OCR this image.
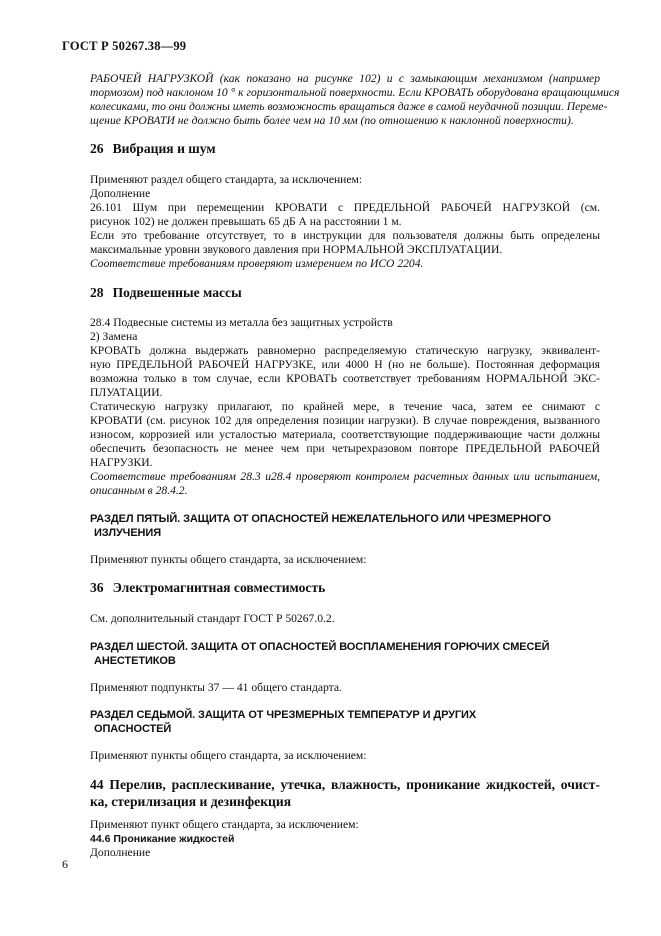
ГОСТ Р 50267.38—99
РАБОЧЕЙ НАГРУЗКОЙ (как показано на рисунке 102) и с замыкающим механизмом (например
тормозом) под наклоном 10 ° к горизонтальной поверхности. Если КРОВАТЬ оборудована вращающимися
колесиками, то они должны иметь возможность вращаться даже в самой неудачной позиции. Переме-
щение КРОВАТИ не должно быть более чем на 10 мм (по отношению к наклонной поверхности).
26 Вибрация и шум
Применяют раздел общего стандарта, за исключением:
Дополнение
26.101 Шум при перемещении КРОВАТИ с ПРЕДЕЛЬНОЙ РАБОЧЕЙ НАГРУЗКОЙ (см.
рисунок 102) не должен превышать 65 дБ А на расстоянии 1 м.
Если это требование отсутствует, то в инструкции для пользователя должны быть определены
максимальные уровни звукового давления при НОРМАЛЬНОЙ ЭКСПЛУАТАЦИИ.
Соответствие требованиям проверяют измерением по ИСО 2204.
28 Подвешенные массы
28.4 Подвесные системы из металла без защитных устройств
2) Замена
КРОВАТЬ должна выдержать равномерно распределяемую статическую нагрузку, эквивалент-
ную ПРЕДЕЛЬНОЙ РАБОЧЕЙ НАГРУЗКЕ, или 4000 Н (но не больше). Постоянная деформация
возможна только в том случае, если КРОВАТЬ соответствует требованиям НОРМАЛЬНОЙ ЭКС-
ПЛУАТАЦИИ.
Статическую нагрузку прилагают, по крайней мере, в течение часа, затем ее снимают с
КРОВАТИ (см. рисунок 102 для определения позиции нагрузки). В случае повреждения, вызванного
износом, коррозией или усталостью материала, соответствующие поддерживающие части должны
обеспечить безопасность не менее чем при четырехразовом повторе ПРЕДЕЛЬНОЙ РАБОЧЕЙ
НАГРУЗКИ.
Соответствие требованиям 28.3 и28.4 проверяют контролем расчетных данных или испытанием,
описанным в 28.4.2.
РАЗДЕЛ ПЯТЫЙ. ЗАЩИТА ОТ ОПАСНОСТЕЙ НЕЖЕЛАТЕЛЬНОГО ИЛИ ЧРЕЗМЕРНОГО
ИЗЛУЧЕНИЯ
Применяют пункты общего стандарта, за исключением:
36 Электромагнитная совместимость
См. дополнительный стандарт ГОСТ Р 50267.0.2.
РАЗДЕЛ ШЕСТОЙ. ЗАЩИТА ОТ ОПАСНОСТЕЙ ВОСПЛАМЕНЕНИЯ ГОРЮЧИХ СМЕСЕЙ
АНЕСТЕТИКОВ
Применяют подпункты 37 — 41 общего стандарта.
РАЗДЕЛ СЕДЬМОЙ. ЗАЩИТА ОТ ЧРЕЗМЕРНЫХ ТЕМПЕРАТУР И ДРУГИХ
ОПАСНОСТЕЙ
Применяют пункты общего стандарта, за исключением:
44 Перелив, расплескивание, утечка, влажность, проникание жидкостей, очист-
ка, стерилизация и дезинфекция
Применяют пункт общего стандарта, за исключением:
44.6 Проникание жидкостей
Дополнение
6
